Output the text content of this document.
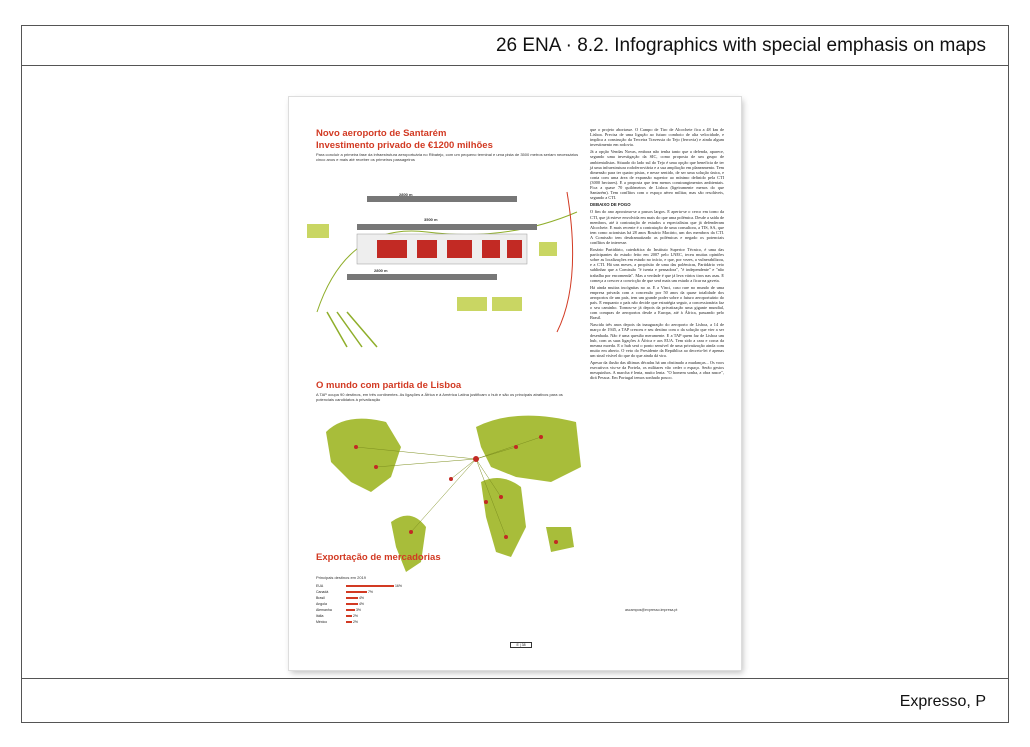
26 ENA · 8.2. Infographics with special emphasis on maps
Expresso, P
Novo aeroporto de Santarém
Investimento privado de €1200 milhões
Para concluir a primeira fase da infraestrutura aeroportuária no Ribatejo, com um pequeno terminal e uma pista de 3500 metros seriam necessários cinco anos e mais até receber os primeiros passageiros
2800 m
3500 m
2800 m
O mundo com partida de Lisboa
A TAP ocupa 90 destinos, em três continentes. As ligações a África e à América Latina justificam o hub e são os principais atrativos para os potenciais candidatos à privatização
Exportação de mercadorias
Principais destinos em 2019
EUA	16%
Canadá	7%
Brasil	4%
Angola	4%
Alemanha	3%
Itália	2%
México	2%

que o projeto abortasse. O Campo de Tiro de Alcochete fica a 48 km de Lisboa. Precisa de uma ligação ao futuro comboio de alta velocidade, e implica a construção da Terceira Travessia do Tejo (ferrovia) e ainda algum investimento em rodovia.

Já a opção Vendas Novas, embora não tenha tanto que a defenda, aparece, segundo uma investigação da SIC, como proposta de um grupo de ambientalistas. Situado do lado sul do Tejo é uma opção que beneficia de ter já uma infraestrutura rodoferroviária e a sua ampliação em planeamento. Tem dimensão para ter quatro pistas, e nesse sentido, de ser uma solução única, e conta com uma área de expansão superior ao mínimo definido pela CTI (3000 hectares). E a proposta que tem menos constrangimentos ambientais. Fica a quase 70 quilómetros de Lisboa (ligeiramente menos do que Santarém). Tem conflitos com o espaço aéreo militar, mas são resolúveis, segundo a CTI.

DEBAIXO DE FOGO

O fim do ano aproxima-se a passos largos. E aperta-se o cerco em torno da CTI, que já esteve envolvida em mais do que uma polémica. Desde a saída de membros, até à contratação de estudos a especialistas que já defenderam Alcochete. E mais recente é a contratação de uma consultora, a TIS, SA, que tem como acionistas há 28 anos Rosário Macário, um dos membros da CTI. A Comissão tem desdramatizado as polémicas e negado os potenciais conflitos de interesse.

Rosário Partidário, catedrática do Instituto Superior Técnico, é uma das participantes do estudo feito em 2007 pelo LNEC, teceu muitas opiniões sobre as localizações em estudo no início, e que, por vezes, a vulnerabilizou, e a CTI. Há uns meses, a propósito de uma das polémicas, Partidário veio sublinhar que a Comissão "é isenta e pensadora", "é independente" e "não trabalha por encomenda". Mas a verdade é que já leva vários tiros nas asas. E começa a crescer a convicção de que será mais um estudo a ficar na gaveta.

Há ainda muitas incógnitas no ar. E a Vinci, caso rare no mundo de uma empresa privada com a concessão por 50 anos da quase totalidade dos aeroportos de um país, tem um grande poder sobre o futuro aeroportuário do país. E enquanto o país não decide que estratégia seguir, a concessionária faz o seu caminho. Tornou-se já depois da privatização uma gigante mundial, com compras de aeroportos desde a Europa, até à África, passando pelo Brasil.

Nascida três anos depois da inauguração do aeroporto de Lisboa, a 14 de março de 1945, a TAP cresceu e seu destino com o da solução que vier a ser desenhada. Não é uma questão meramente. E a TAP quem faz de Lisboa um hub, com as suas ligações à África e aos EUA. Tem sido a cara e coroa da mesma moeda. E o hub será o ponto sensível de uma privatização ainda com muito em aberto. O veto do Presidente da República ao decreto-lei é apenas um sinal visível do que do que ainda dá vira.

Apesar da ilusão das últimas décadas há um obstinado a mudanças... Os voos executivos viu-se da Portela, os militares vão ceder o espaço. Serão gestos mesquinhos. A marcha é lenta, muito lenta. "O homem sonha, a obra nasce", dirá Pessoa. Em Portugal temos sonhado pouco.

ascampos@expresso.impresa.pt
E | 38
